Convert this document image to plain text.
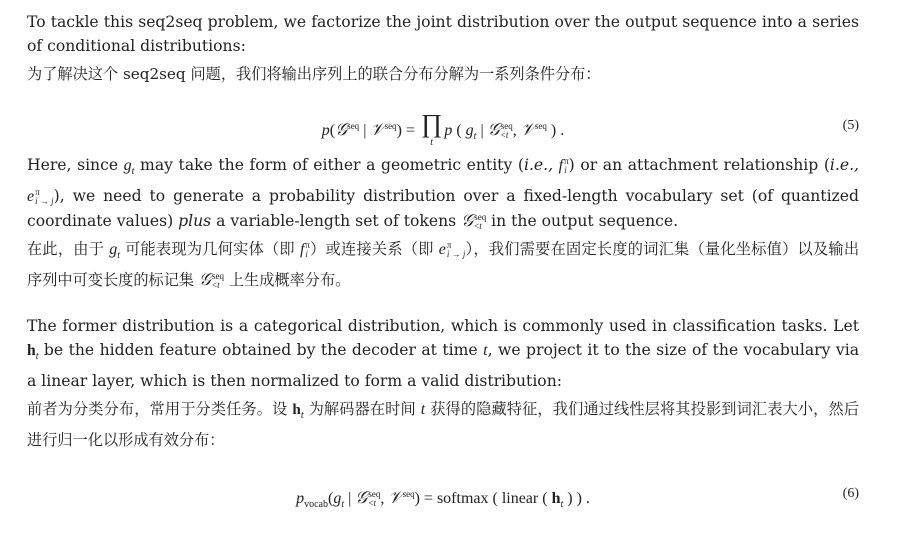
To tackle this seq2seq problem, we factorize the joint distribution over the output sequence into a series of conditional distributions:

为了解决这个 seq2seq 问题，我们将输出序列上的联合分布分解为一系列条件分布：

p(𝒢$^{seq}$ | 𝒱$^{seq}$) = ∏
t
p ( $g_t$ | 𝒢 seq
<t , 𝒱$^{seq}$ ) .	(5)

Here, since $g_t$ may take the form of either a geometric entity (i.e., f π
i ) or an attachment relationship (i.e., e π
i → j ), we need to generate a probability distribution over a fixed-length vocabulary set (of quantized coordinate values) plus a variable-length set of tokens 𝒢 seq
<t in the output sequence.

在此，由于 $g_t$ 可能表现为几何实体（即 f π
i ）或连接关系（即 e π
i → j ），我们需要在固定长度的词汇集（量化坐标值）以及输出序列中可变长度的标记集 𝒢 seq
<t 上生成概率分布。

The former distribution is a categorical distribution, which is commonly used in classification tasks. Let $h_t$ be the hidden feature obtained by the decoder at time t, we project it to the size of the vocabulary via a linear layer, which is then normalized to form a valid distribution:

前者为分类分布，常用于分类任务。设 $h_t$ 为解码器在时间 t 获得的隐藏特征，我们通过线性层将其投影到词汇表大小，然后进行归一化以形成有效分布：

$p_{vocab}(g_t$ | 𝒢 seq
<t , 𝒱$^{seq}$) = softmax ( linear ( $h_t$ ) ) .	(6)
